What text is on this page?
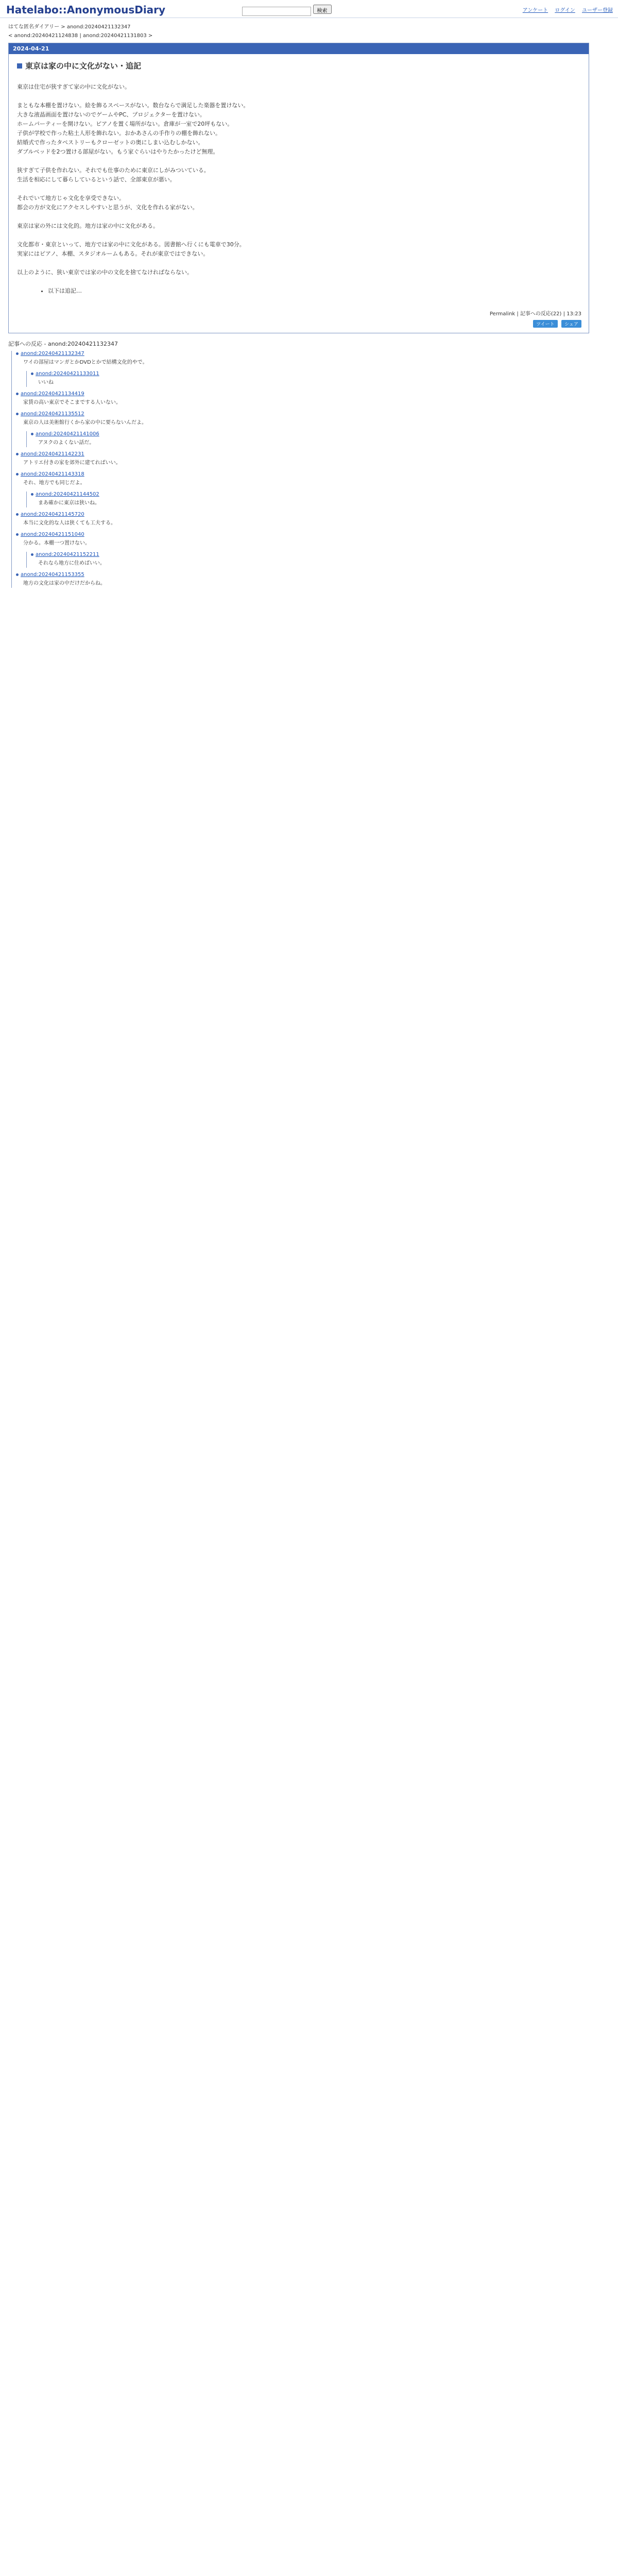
Hatelabo::AnonymousDiary	検索	アンケート ログイン ユーザー登録
はてな匿名ダイアリー > anond:20240421132347
< anond:20240421124838 | anond:20240421131803 >
2024-04-21
東京は家の中に文化がない・追記

東京は住宅が狭すぎて家の中に文化がない。

まともな本棚を置けない。絵を飾るスペースがない。数台ならで満足した楽器を置けない。

大きな液晶画面を置けないのでゲームやPC、プロジェクターを置けない。

ホームパーティーを開けない。ピアノを置く場所がない。倉庫が一室で20坪もない。

子供が学校で作った粘土人形を飾れない。おかあさんの手作りの棚を飾れない。

結婚式で作ったタペストリーもクローゼットの奥にしまい込むしかない。

ダブルベッドを2つ置ける部屋がない。もう家ぐらいはやりたかったけど無理。

狭すぎて子供を作れない。それでも仕事のために東京にしがみついている。

生活を相応にして暮らしているという話で、全部東京が悪い。

それでいて地方じゃ文化を享受できない。

都会の方が文化にアクセスしやすいと思うが、文化を作れる家がない。

東京は家の外には文化的。地方は家の中に文化がある。

文化都市・東京といって、地方では家の中に文化がある。図書館へ行くにも電車で30分。

実家にはピアノ、本棚、スタジオルームもある。それが東京ではできない。

以上のように、狭い東京では家の中の文化を捨てなければならない。

• 以下は追記…
Permalink | 記事への反応(22) | 13:23
ツイート シェア
記事への反応 - anond:20240421132347
anond:20240421132347
ワイの部屋はマンガとかDVDとかで結構文化的やで。
anond:20240421133011
いいね
anond:20240421134419
家賃の高い東京でそこまでする人いない。
anond:20240421135512
東京の人は美術館行くから家の中に要らないんだよ。
anond:20240421141006
アヌクのよくない話だ。
anond:20240421142231
アトリエ付きの家を郊外に建てればいい。
anond:20240421143318
それ、地方でも同じだよ。
anond:20240421144502
まあ確かに東京は狭いね。
anond:20240421145720
本当に文化的な人は狭くても工夫する。
anond:20240421151040
分かる。本棚一つ置けない。
anond:20240421152211
それなら地方に住めばいい。
anond:20240421153355
地方の文化は家の中だけだからね。
